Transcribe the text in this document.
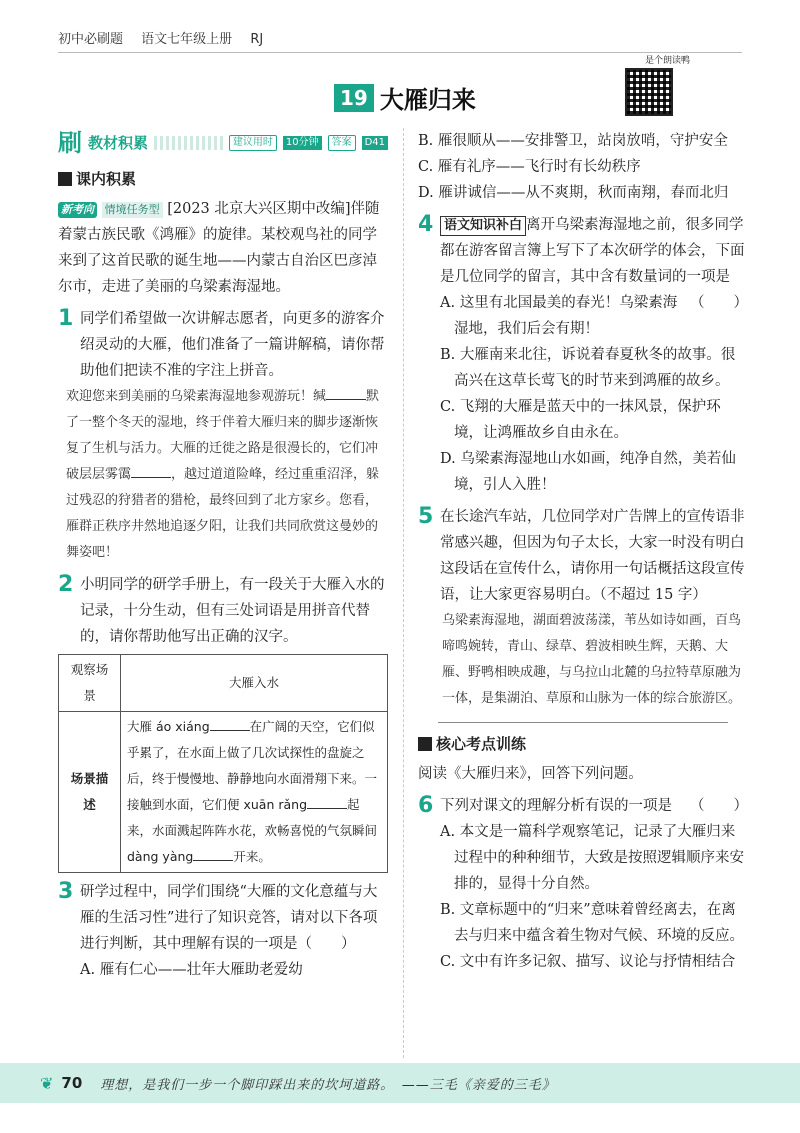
初中必刷题 语文七年级上册 RJ
19 大雁归来
是个朗读鸭
刷 教材积累	建议用时	10分钟	答案	D41
课内积累
新考向 情境任务型 [2023 北京大兴区期中改编]伴随着蒙古族民歌《鸿雁》的旋律。某校观鸟社的同学来到了这首民歌的诞生地——内蒙古自治区巴彦淖尔市，走进了美丽的乌梁素海湿地。
1 同学们希望做一次讲解志愿者，向更多的游客介绍灵动的大雁，他们准备了一篇讲解稿，请你帮助他们把读不准的字注上拼音。
欢迎您来到美丽的乌梁素海湿地参观游玩！缄	默了一整个冬天的湿地，终于伴着大雁归来的脚步逐渐恢复了生机与活力。大雁的迁徙之路是很漫长的，它们冲破层层雾霭	，越过道道险峰，经过重重沼泽，躲过残忍的狩猎者的猎枪，最终回到了北方家乡。您看，雁群正秩序井然地追逐夕阳，让我们共同欣赏这曼妙的舞姿吧！
2 小明同学的研学手册上，有一段关于大雁入水的记录，十分生动，但有三处词语是用拼音代替的，请你帮助他写出正确的汉字。
观察场景	大雁入水
场景描述	大雁 áo xiáng 在广阔的天空，它们似乎累了，在水面上做了几次试探性的盘旋之后，终于慢慢地、静静地向水面滑翔下来。一接触到水面，它们便 xuān rǎng 起来，水面溅起阵阵水花，欢畅喜悦的气氛瞬间 dàng yàng 开来。
3 研学过程中，同学们围绕“大雁的文化意蕴与大雁的生活习性”进行了知识竞答，请对以下各项进行判断，其中理解有误的一项是（　　）
A. 雁有仁心——壮年大雁助老爱幼
B. 雁很顺从——安排警卫，站岗放哨，守护安全
C. 雁有礼序——飞行时有长幼秩序
D. 雁讲诚信——从不爽期，秋而南翔，春而北归
4 语文知识补白 离开乌梁素海湿地之前，很多同学都在游客留言簿上写下了本次研学的体会，下面是几位同学的留言，其中含有数量词的一项是
（　　）
A. 这里有北国最美的春光！乌梁素海湿地，我们后会有期！
B. 大雁南来北往，诉说着春夏秋冬的故事。很高兴在这草长莺飞的时节来到鸿雁的故乡。
C. 飞翔的大雁是蓝天中的一抹风景，保护环境，让鸿雁故乡自由永在。
D. 乌梁素海湿地山水如画，纯净自然，美若仙境，引人入胜！
5 在长途汽车站，几位同学对广告牌上的宣传语非常感兴趣，但因为句子太长，大家一时没有明白这段话在宣传什么，请你用一句话概括这段宣传语，让大家更容易明白。（不超过 15 字）
乌梁素海湿地，湖面碧波荡漾，苇丛如诗如画，百鸟啼鸣婉转，青山、绿草、碧波相映生辉，天鹅、大雁、野鸭相映成趣，与乌拉山北麓的乌拉特草原融为一体，是集湖泊、草原和山脉为一体的综合旅游区。
核心考点训练
阅读《大雁归来》，回答下列问题。
6 下列对课文的理解分析有误的一项是 （　　）
A. 本文是一篇科学观察笔记，记录了大雁归来过程中的种种细节，大致是按照逻辑顺序来安排的，显得十分自然。
B. 文章标题中的“归来”意味着曾经离去，在离去与归来中蕴含着生物对气候、环境的反应。
C. 文中有许多记叙、描写、议论与抒情相结合
❦ 70 理想，是我们一步一个脚印踩出来的坎坷道路。　——三毛《亲爱的三毛》
